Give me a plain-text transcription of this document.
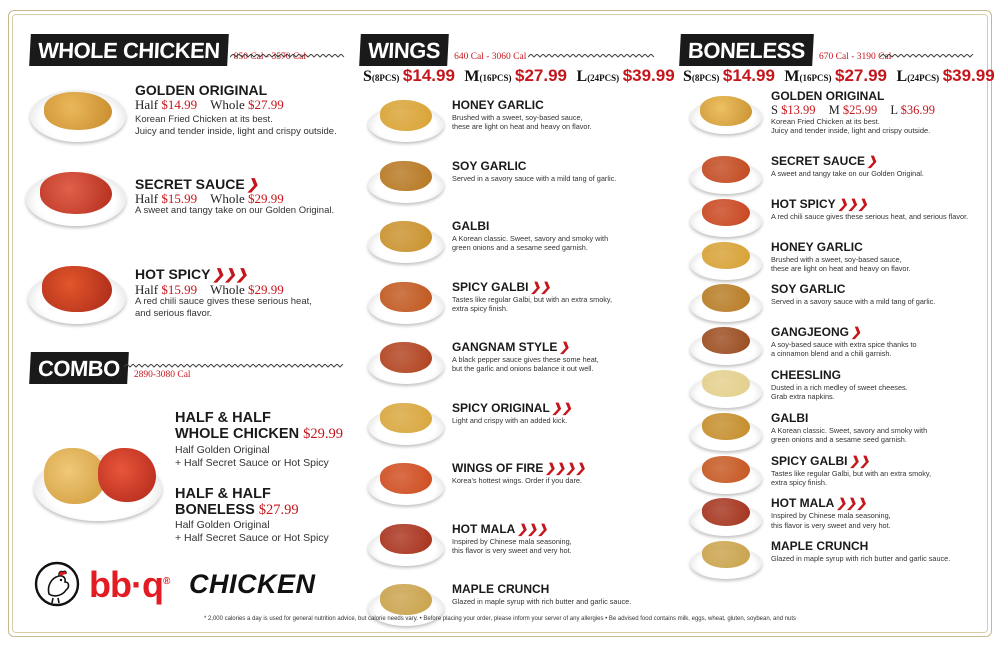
WHOLE CHICKEN	850 Cal - 3570 Cal
GOLDEN ORIGINAL
Half $14.99 Whole $27.99
Korean Fried Chicken at its best.
Juicy and tender inside, light and crispy outside.
SECRET SAUCE ❯
Half $15.99 Whole $29.99
A sweet and tangy take on our Golden Original.
HOT SPICY ❯❯❯
Half $15.99 Whole $29.99
A red chili sauce gives these serious heat,
and serious flavor.
COMBO	2890-3080 Cal
HALF & HALF
WHOLE CHICKEN $29.99
Half Golden Original
+ Half Secret Sauce or Hot Spicy
HALF & HALF
BONELESS $27.99
Half Golden Original
+ Half Secret Sauce or Hot Spicy
bb·q® CHICKEN
WINGS	640 Cal - 3060 Cal
S(8PCS) $14.99 M(16PCS) $27.99 L(24PCS) $39.99
HONEY GARLIC
Brushed with a sweet, soy-based sauce,
these are light on heat and heavy on flavor.
SOY GARLIC
Served in a savory sauce with a mild tang of garlic.
GALBI
A Korean classic. Sweet, savory and smoky with
green onions and a sesame seed garnish.
SPICY GALBI ❯❯
Tastes like regular Galbi, but with an extra smoky,
extra spicy finish.
GANGNAM STYLE ❯
A black pepper sauce gives these some heat,
but the garlic and onions balance it out well.
SPICY ORIGINAL ❯❯
Light and crispy with an added kick.
WINGS OF FIRE ❯❯❯❯
Korea's hottest wings. Order if you dare.
HOT MALA ❯❯❯
Inspired by Chinese mala seasoning,
this flavor is very sweet and very hot.
MAPLE CRUNCH
Glazed in maple syrup with rich butter and garlic sauce.
BONELESS	670 Cal - 3190 Cal
S(8PCS) $14.99 M(16PCS) $27.99 L(24PCS) $39.99
GOLDEN ORIGINAL
S $13.99 M $25.99 L $36.99
Korean Fried Chicken at its best.
Juicy and tender inside, light and crispy outside.
SECRET SAUCE ❯
A sweet and tangy take on our Golden Original.
HOT SPICY ❯❯❯
A red chili sauce gives these serious heat, and serious flavor.
HONEY GARLIC
Brushed with a sweet, soy-based sauce,
these are light on heat and heavy on flavor.
SOY GARLIC
Served in a savory sauce with a mild tang of garlic.
GANGJEONG ❯
A soy-based sauce with extra spice thanks to
a cinnamon blend and a chili garnish.
CHEESLING
Dusted in a rich medley of sweet cheeses.
Grab extra napkins.
GALBI
A Korean classic. Sweet, savory and smoky with
green onions and a sesame seed garnish.
SPICY GALBI ❯❯
Tastes like regular Galbi, but with an extra smoky,
extra spicy finish.
HOT MALA ❯❯❯
Inspired by Chinese mala seasoning,
this flavor is very sweet and very hot.
MAPLE CRUNCH
Glazed in maple syrup with rich butter and garlic sauce.
* 2,000 calories a day is used for general nutrition advice, but calorie needs vary. • Before placing your order, please inform your server of any allergies • Be advised food contains milk, eggs, wheat, gluten, soybean, and nuts
